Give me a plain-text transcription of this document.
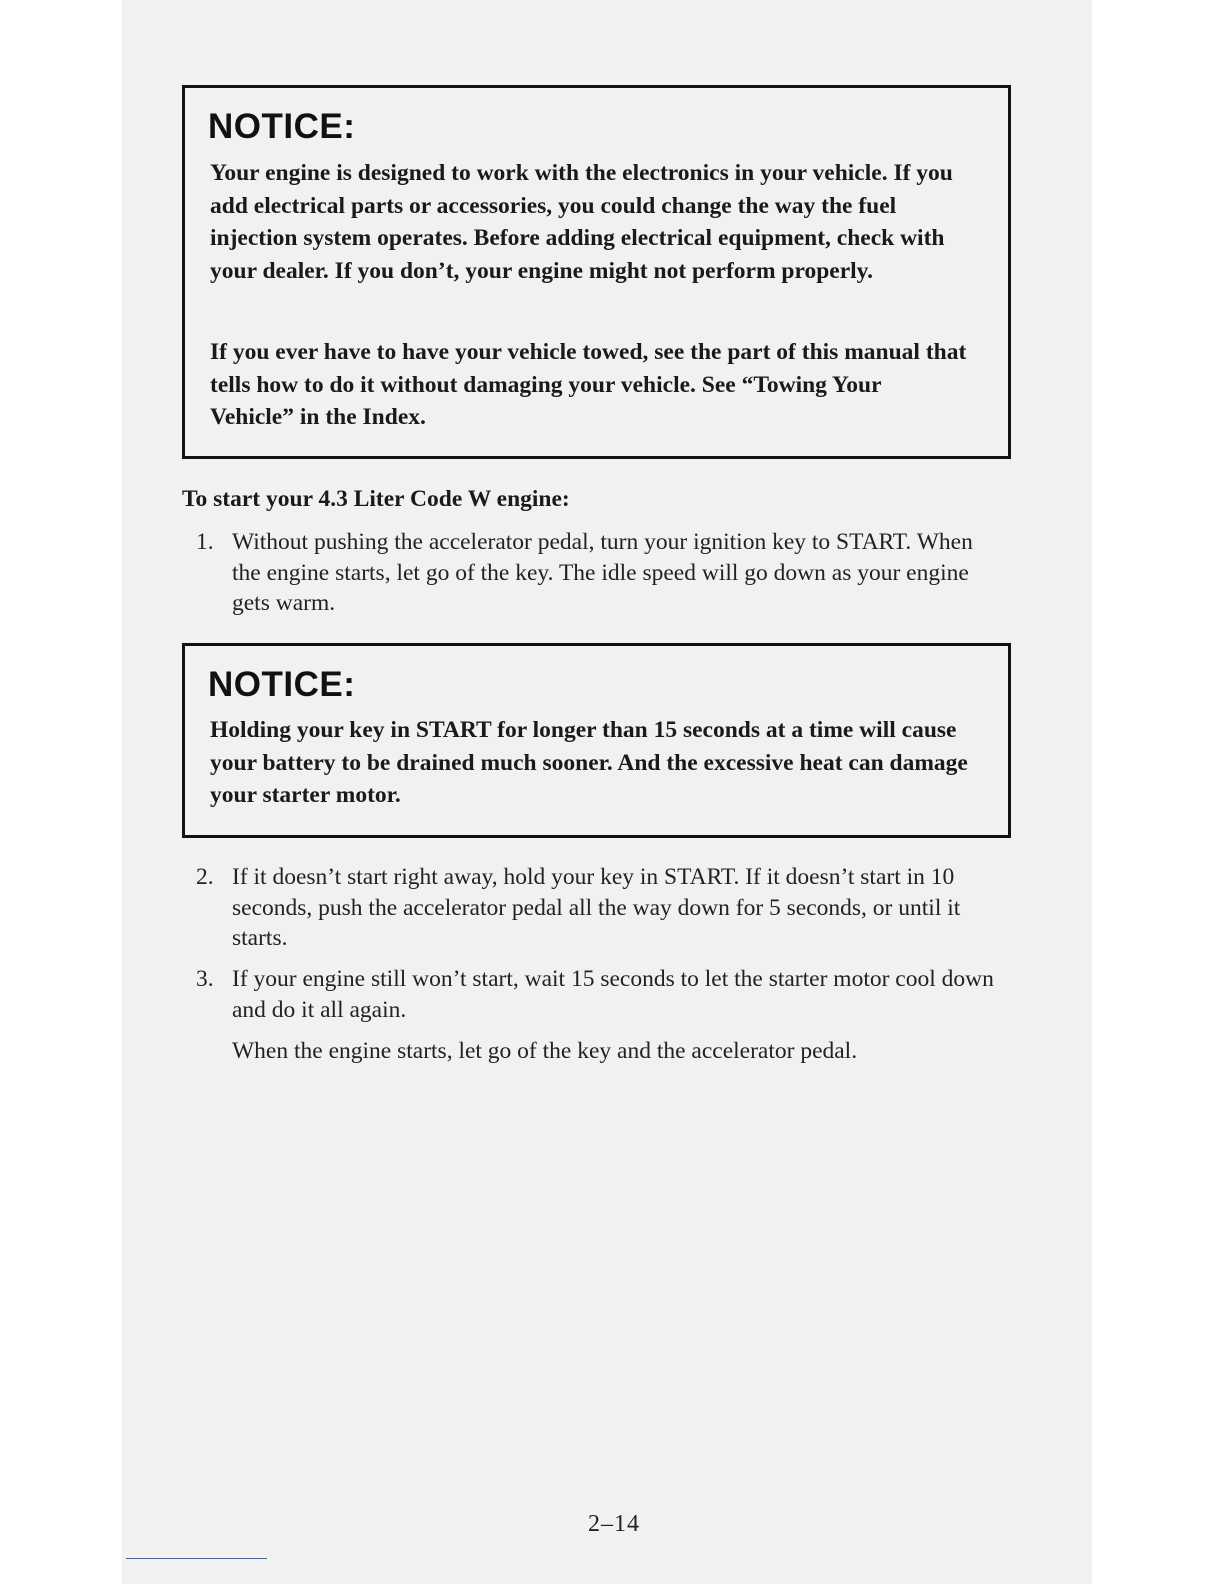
NOTICE:

Your engine is designed to work with the electronics in your vehicle. If you add electrical parts or accessories, you could change the way the fuel injection system operates. Before adding electrical equipment, check with your dealer. If you don’t, your engine might not perform properly.

If you ever have to have your vehicle towed, see the part of this manual that tells how to do it without damaging your vehicle. See “Towing Your Vehicle” in the Index.

To start your 4.3 Liter Code W engine:

1. Without pushing the accelerator pedal, turn your ignition key to START. When the engine starts, let go of the key. The idle speed will go down as your engine gets warm.
NOTICE:

Holding your key in START for longer than 15 seconds at a time will cause your battery to be drained much sooner. And the excessive heat can damage your starter motor.

2. If it doesn’t start right away, hold your key in START. If it doesn’t start in 10 seconds, push the accelerator pedal all the way down for 5 seconds, or until it starts.
3. If your engine still won’t start, wait 15 seconds to let the starter motor cool down and do it all again.

When the engine starts, let go of the key and the accelerator pedal.

2–14
